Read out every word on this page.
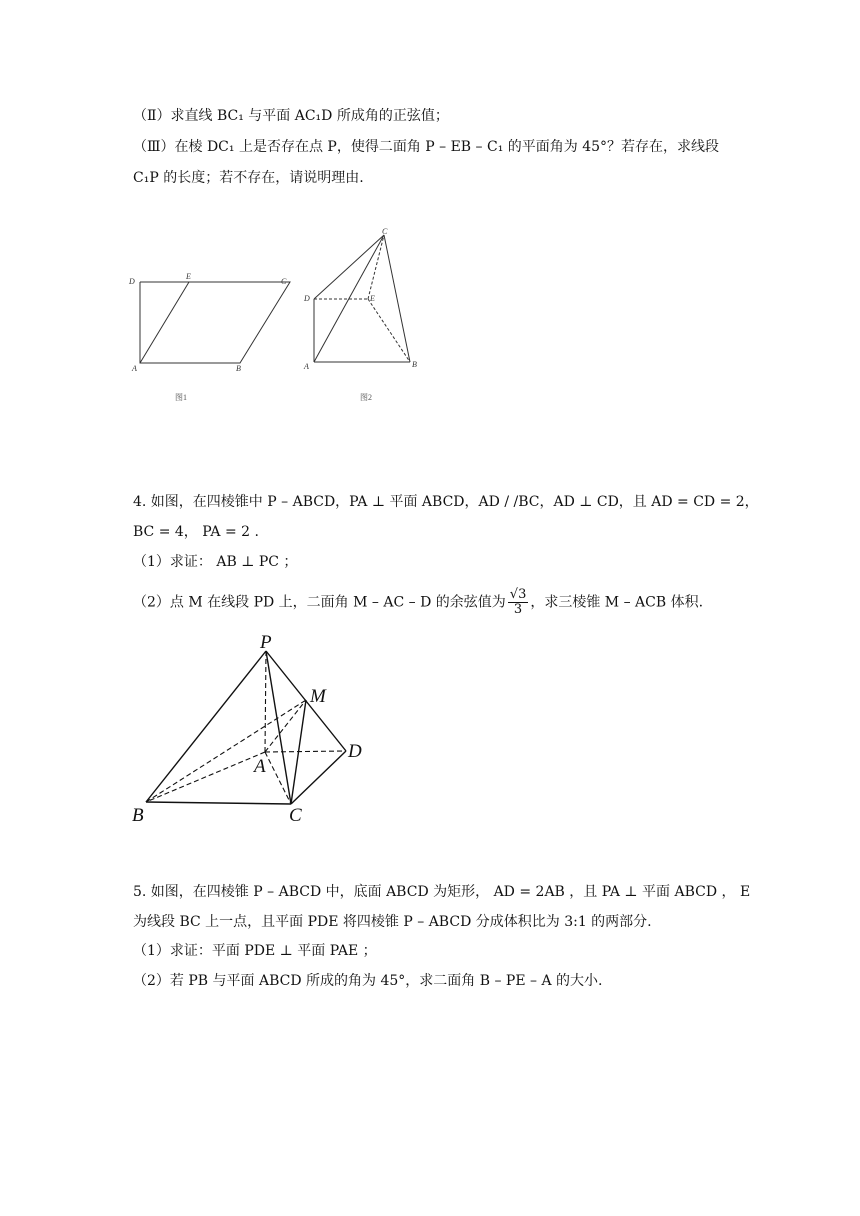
（Ⅱ）求直线 BC₁ 与平面 AC₁D 所成角的正弦值；
（Ⅲ）在棱 DC₁ 上是否存在点 P，使得二面角 P – EB – C₁ 的平面角为 45°？若存在，求线段
C₁P 的长度；若不存在，请说明理由.
D
E
C
A	B
图1
C
D	E
A	B
图2
4. 如图，在四棱锥中 P – ABCD，PA ⊥ 平面 ABCD，AD / /BC，AD ⊥ CD，且 AD = CD = 2，
BC = 4， PA = 2 .
（1）求证： AB ⊥ PC ；
（2）点 M 在线段 PD 上，二面角 M – AC – D 的余弦值为 $\frac{√3}{3}$ ，求三棱锥 M – ACB 体积.
P
M
D
A
B	C
5. 如图，在四棱锥 P – ABCD 中，底面 ABCD 为矩形， AD = 2AB ，且 PA ⊥ 平面 ABCD ， E
为线段 BC 上一点，且平面 PDE 将四棱锥 P – ABCD 分成体积比为 3:1 的两部分.
（1）求证：平面 PDE ⊥ 平面 PAE ；
（2）若 PB 与平面 ABCD 所成的角为 45°，求二面角 B – PE – A 的大小.
